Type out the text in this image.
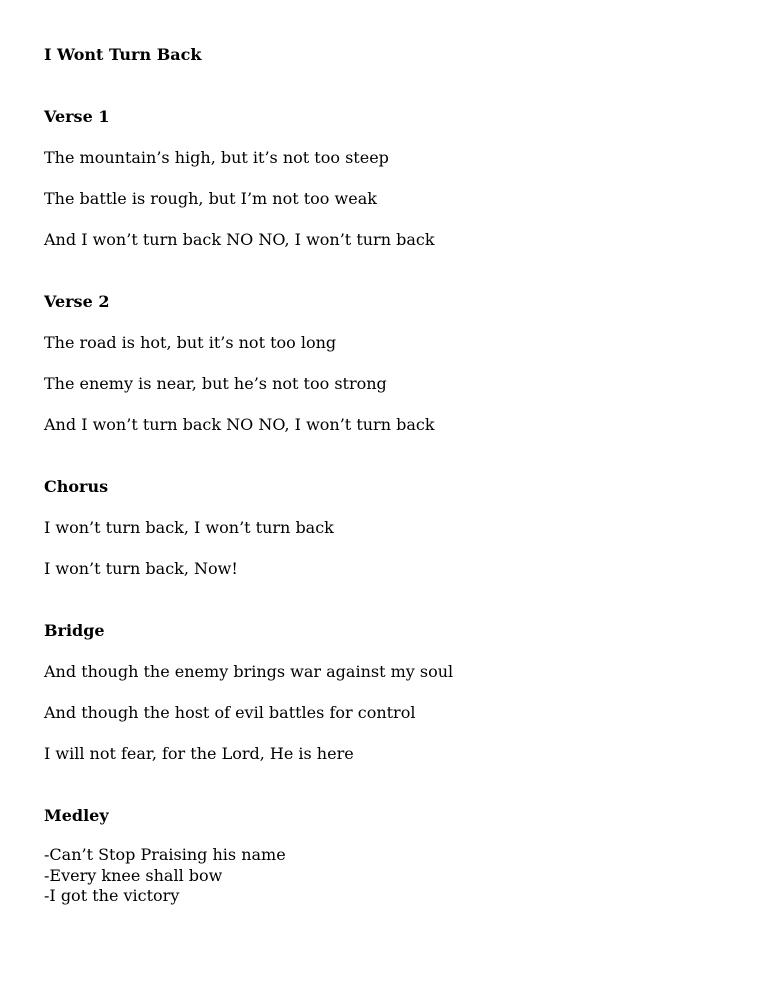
I Wont Turn Back
Verse 1
The mountain’s high, but it’s not too steep
The battle is rough, but I’m not too weak
And I won’t turn back NO NO, I won’t turn back
Verse 2
The road is hot, but it’s not too long
The enemy is near, but he’s not too strong
And I won’t turn back NO NO, I won’t turn back
Chorus
I won’t turn back, I won’t turn back
I won’t turn back, Now!
Bridge
And though the enemy brings war against my soul
And though the host of evil battles for control
I will not fear, for the Lord, He is here
Medley
-Can’t Stop Praising his name
-Every knee shall bow
-I got the victory
